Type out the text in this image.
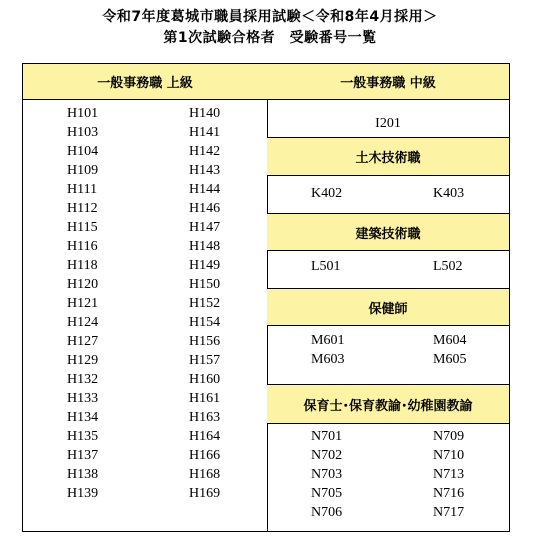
令和7年度葛城市職員採用試験＜令和8年4月採用＞
第1次試験合格者　受験番号一覧
一般事務職 上級
H101
H103
H104
H109
H111
H112
H115
H116
H118
H120
H121
H124
H127
H129
H132
H133
H134
H135
H137
H138
H139
H140
H141
H142
H143
H144
H146
H147
H148
H149
H150
H152
H154
H156
H157
H160
H161
H163
H164
H166
H168
H169
一般事務職 中級
I201
土木技術職
K402	K403
建築技術職
L501	L502
保健師
M601
M603
M604
M605
保育士･保育教諭･幼稚園教諭
N701
N702
N703
N705
N706
N709
N710
N713
N716
N717
